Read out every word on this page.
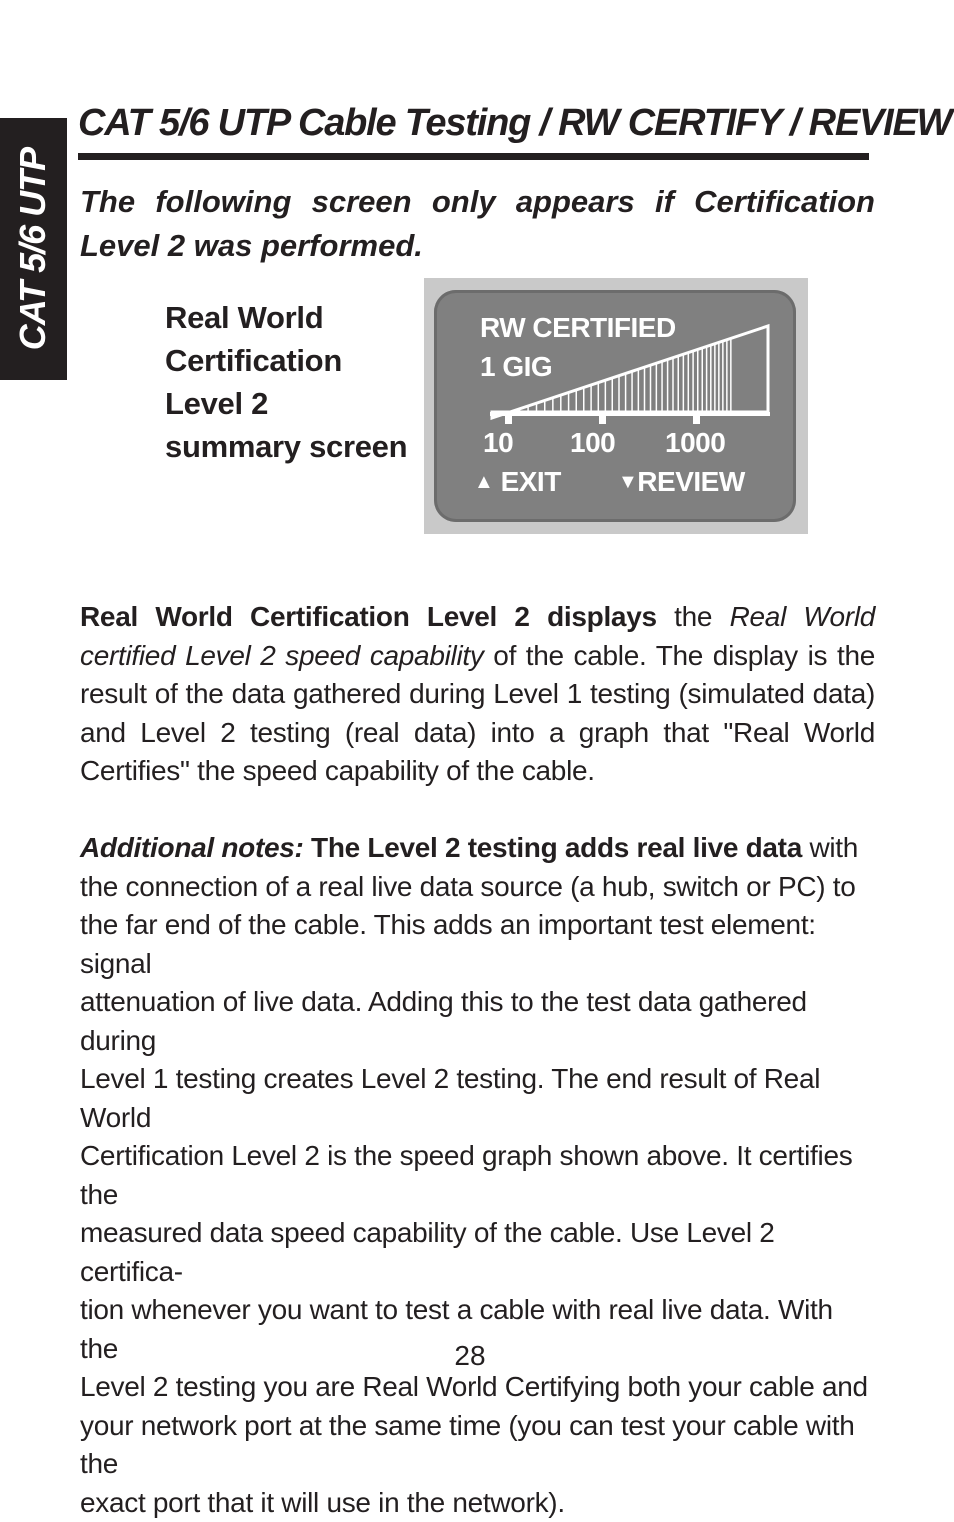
CAT 5/6 UTP
CAT 5/6 UTP Cable Testing / RW CERTIFY / REVIEW
The following screen only appears if Certification Level 2 was performed.
Real World
Certification
Level 2
summary screen
RW CERTIFIED
1 GIG
10 100 1000
▲ EXIT	▼REVIEW
Real World Certification Level 2 displays the Real World certified Level 2 speed capability of the cable. The display is the result of the data gathered during Level 1 testing (simulated data) and Level 2 testing (real data) into a graph that "Real World Certifies" the speed capability of the cable.
Additional notes: The Level 2 testing adds real live data with
the connection of a real live data source (a hub, switch or PC) to
the far end of the cable. This adds an important test element: signal
attenuation of live data. Adding this to the test data gathered during
Level 1 testing creates Level 2 testing. The end result of Real World
Certification Level 2 is the speed graph shown above. It certifies the
measured data speed capability of the cable. Use Level 2 certifica-
tion whenever you want to test a cable with real live data. With the
Level 2 testing you are Real World Certifying both your cable and
your network port at the same time (you can test your cable with the
exact port that it will use in the network).
28
